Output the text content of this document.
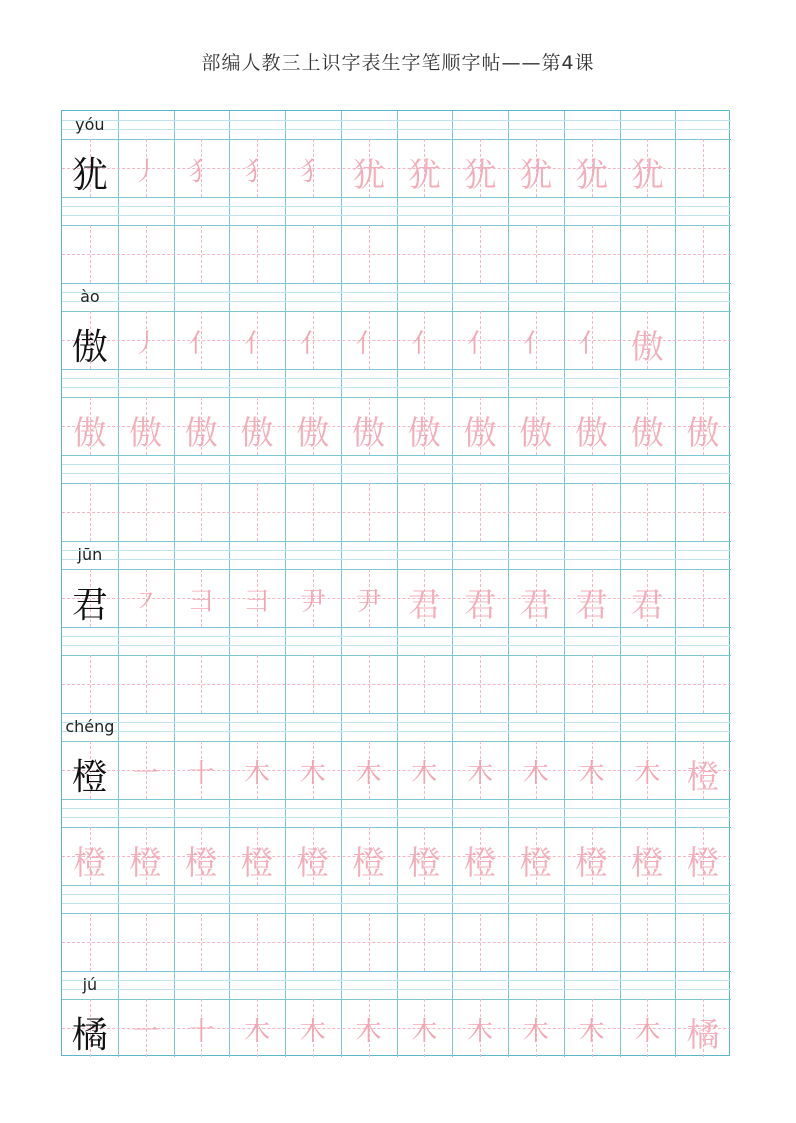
部编人教三上识字表生字笔顺字帖——第4课
yóu
犹 丿	犭	犭	犭 犹 犹 犹 犹 犹 犹
ào
傲 丿	亻	亻	亻	亻	亻	亻	亻	亻 傲
傲 傲 傲 傲 傲 傲 傲 傲 傲 傲 傲 傲
jūn
君 ㇇	⺕	⺕	尹	尹 君 君 君 君 君
chéng
橙 一	十	木	木	木	木	木	木	木	木 橙
橙 橙 橙 橙 橙 橙 橙 橙 橙 橙 橙 橙
jú
橘 一	十	木	木	木	木	木	木	木	木 橘
